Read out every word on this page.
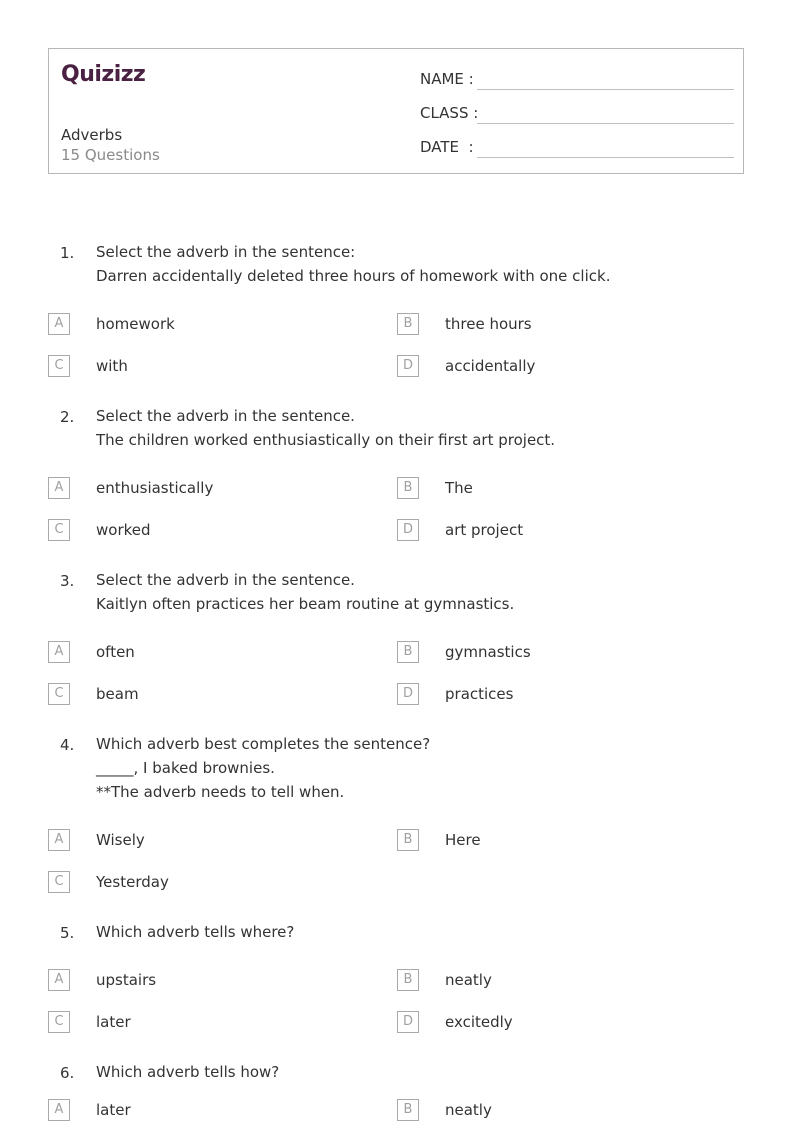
Quizizz
Adverbs
15 Questions
NAME :
CLASS :
DATE  :
1. Select the adverb in the sentence:
Darren accidentally deleted three hours of homework with one click.
A	homework	B	three hours
C	with	D	accidentally
2. Select the adverb in the sentence.
The children worked enthusiastically on their first art project.
A	enthusiastically	B	The
C	worked	D	art project
3. Select the adverb in the sentence.
Kaitlyn often practices her beam routine at gymnastics.
A	often	B	gymnastics
C	beam	D	practices
4. Which adverb best completes the sentence?
_____, I baked brownies.
**The adverb needs to tell when.
A	Wisely	B	Here
C	Yesterday
5. Which adverb tells where?
A	upstairs	B	neatly
C	later	D	excitedly
6. Which adverb tells how?
A	later	B	neatly
